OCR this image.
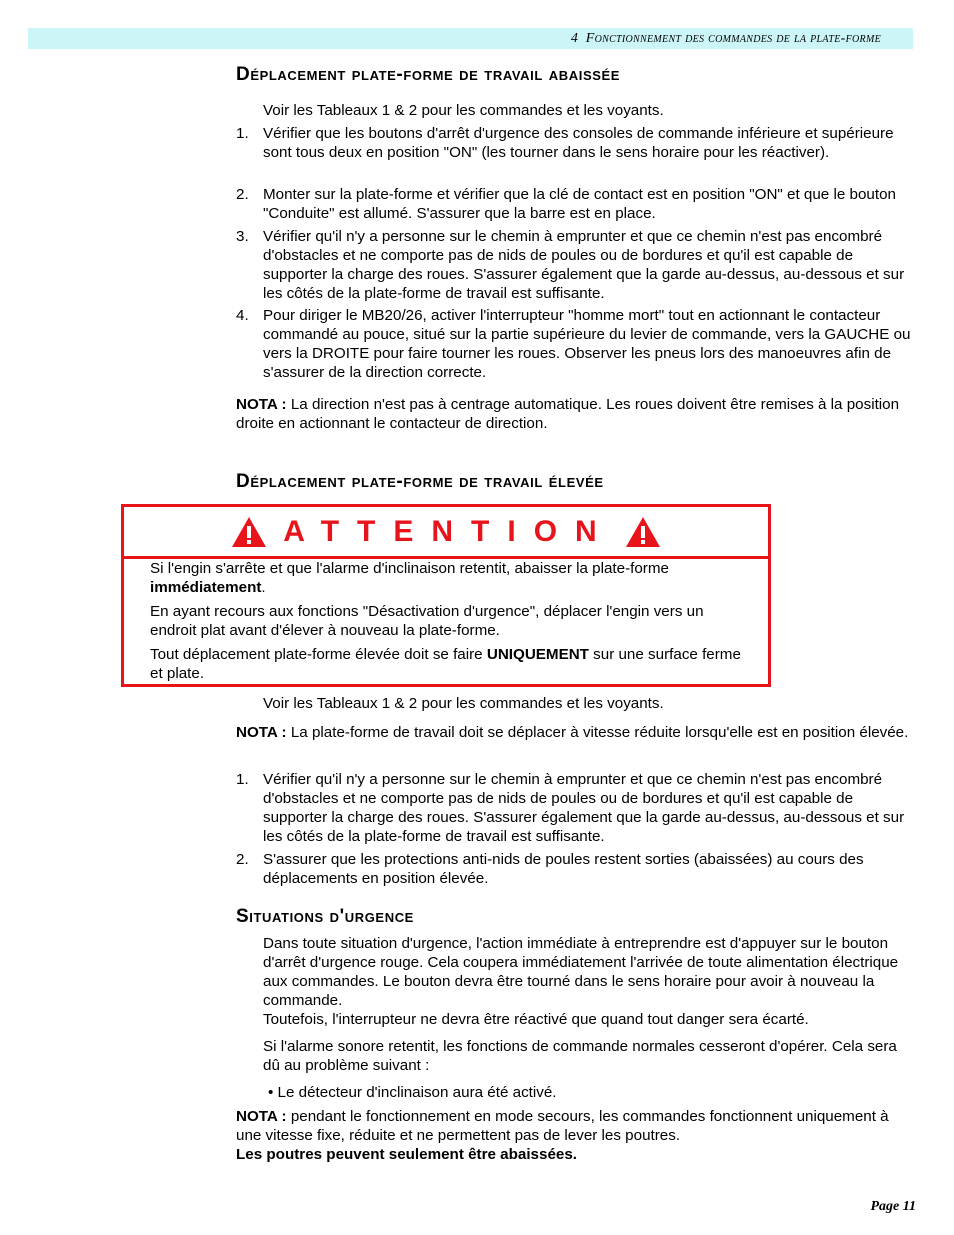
4 Fonctionnement des commandes de la plate-forme
Déplacement plate-forme de travail abaissée

Voir les Tableaux 1 & 2 pour les commandes et les voyants.

1. Vérifier que les boutons d'arrêt d'urgence des consoles de commande inférieure et supérieure sont tous deux en position "ON" (les tourner dans le sens horaire pour les réactiver).
2. Monter sur la plate-forme et vérifier que la clé de contact est en position "ON" et que le bouton "Conduite" est allumé. S'assurer que la barre est en place.
3. Vérifier qu'il n'y a personne sur le chemin à emprunter et que ce chemin n'est pas encombré d'obstacles et ne comporte pas de nids de poules ou de bordures et qu'il est capable de supporter la charge des roues. S'assurer également que la garde au-dessus, au-dessous et sur les côtés de la plate-forme de travail est suffisante.
4. Pour diriger le MB20/26, activer l'interrupteur "homme mort" tout en actionnant le contacteur commandé au pouce, situé sur la partie supérieure du levier de commande, vers la GAUCHE ou vers la DROITE pour faire tourner les roues. Observer les pneus lors des manoeuvres afin de s'assurer de la direction correcte.

NOTA : La direction n'est pas à centrage automatique. Les roues doivent être remises à la position droite en actionnant le contacteur de direction.

Déplacement plate-forme de travail élevée
ATTENTION

Si l'engin s'arrête et que l'alarme d'inclinaison retentit, abaisser la plate-forme immédiatement.

En ayant recours aux fonctions "Désactivation d'urgence", déplacer l'engin vers un endroit plat avant d'élever à nouveau la plate-forme.

Tout déplacement plate-forme élevée doit se faire UNIQUEMENT sur une surface ferme et plate.

Voir les Tableaux 1 & 2 pour les commandes et les voyants.

NOTA : La plate-forme de travail doit se déplacer à vitesse réduite lorsqu'elle est en position élevée.

1. Vérifier qu'il n'y a personne sur le chemin à emprunter et que ce chemin n'est pas encombré d'obstacles et ne comporte pas de nids de poules ou de bordures et qu'il est capable de supporter la charge des roues. S'assurer également que la garde au-dessus, au-dessous et sur les côtés de la plate-forme de travail est suffisante.
2. S'assurer que les protections anti-nids de poules restent sorties (abaissées) au cours des déplacements en position élevée.
Situations d'urgence
Dans toute situation d'urgence, l'action immédiate à entreprendre est d'appuyer sur le bouton d'arrêt d'urgence rouge. Cela coupera immédiatement l'arrivée de toute alimentation électrique aux commandes. Le bouton devra être tourné dans le sens horaire pour avoir à nouveau la commande.
Toutefois, l'interrupteur ne devra être réactivé que quand tout danger sera écarté.

Si l'alarme sonore retentit, les fonctions de commande normales cesseront d'opérer. Cela sera dû au problème suivant :

• Le détecteur d'inclinaison aura été activé.

NOTA : pendant le fonctionnement en mode secours, les commandes fonctionnent uniquement à une vitesse fixe, réduite et ne permettent pas de lever les poutres.
Les poutres peuvent seulement être abaissées.
Page 11
